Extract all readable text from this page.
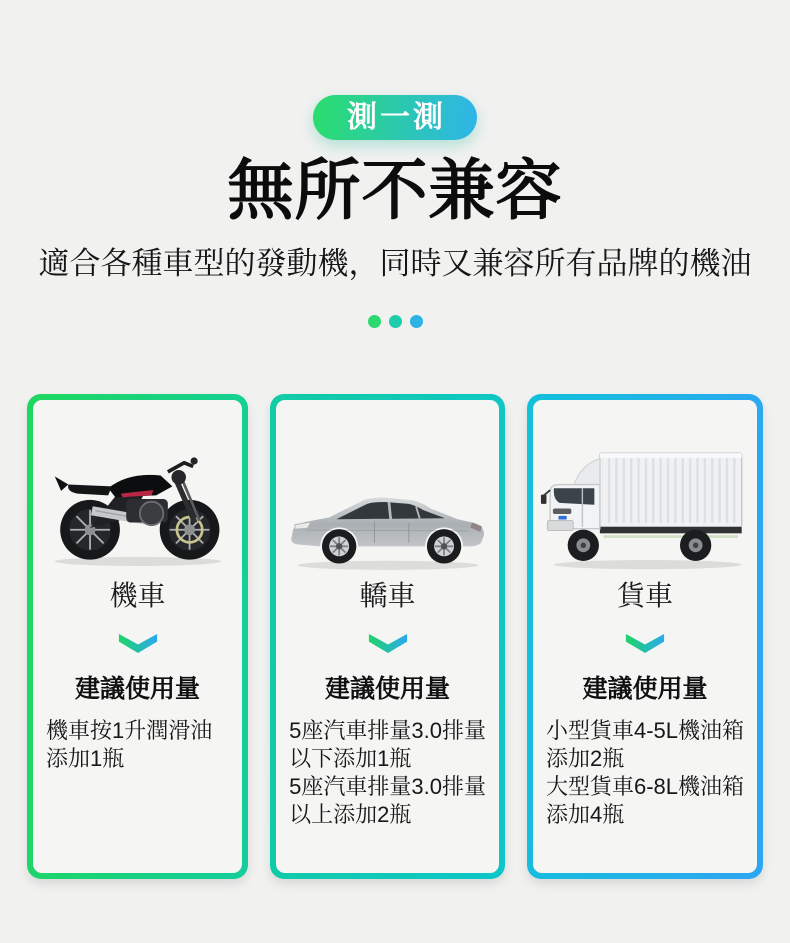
測一測
無所不兼容
適合各種車型的發動機，同時又兼容所有品牌的機油
機車
建議使用量
機車按1升潤滑油
添加1瓶
轎車
建議使用量
5座汽車排量3.0排量
以下添加1瓶
5座汽車排量3.0排量
以上添加2瓶
貨車
建議使用量
小型貨車4-5L機油箱
添加2瓶
大型貨車6-8L機油箱
添加4瓶
